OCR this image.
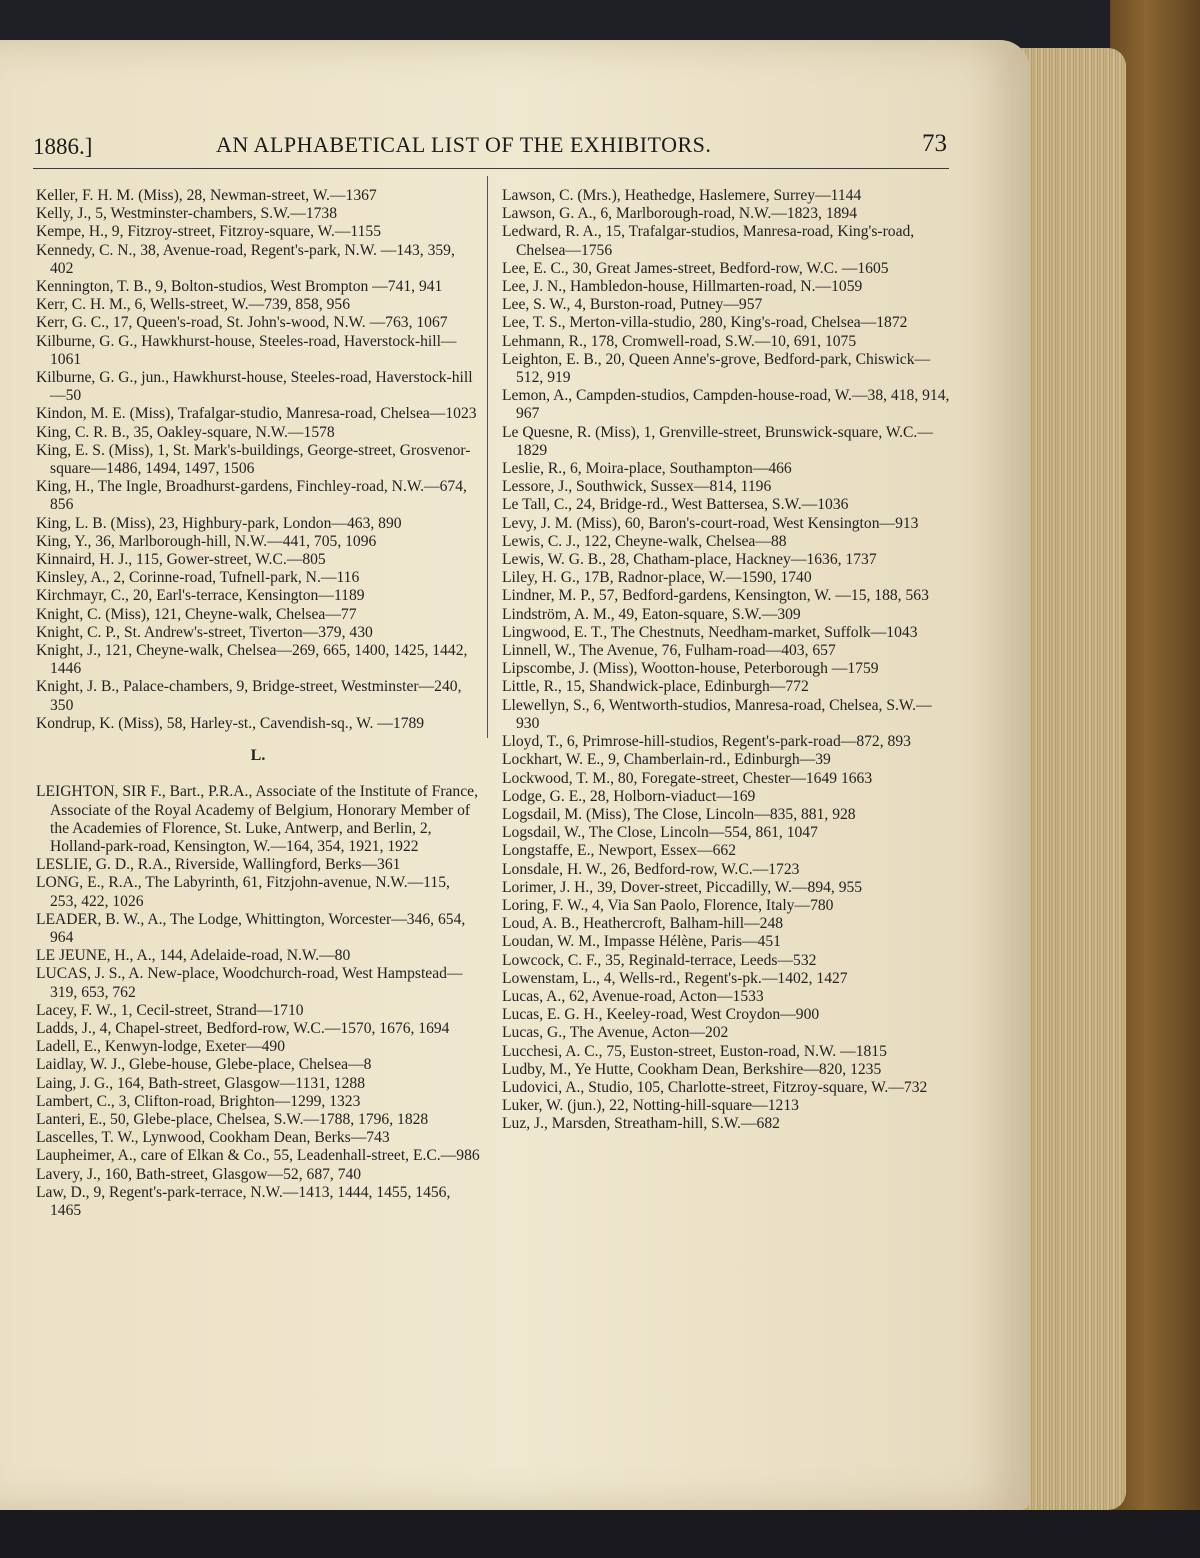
1886.]	AN ALPHABETICAL LIST OF THE EXHIBITORS.	73
Keller, F. H. M. (Miss), 28, Newman-street, W.—1367
Kelly, J., 5, Westminster-chambers, S.W.—1738
Kempe, H., 9, Fitzroy-street, Fitzroy-square, W.—1155
Kennedy, C. N., 38, Avenue-road, Regent's-park, N.W. —143, 359, 402
Kennington, T. B., 9, Bolton-studios, West Brompton —741, 941
Kerr, C. H. M., 6, Wells-street, W.—739, 858, 956
Kerr, G. C., 17, Queen's-road, St. John's-wood, N.W. —763, 1067
Kilburne, G. G., Hawkhurst-house, Steeles-road, Haverstock-hill—1061
Kilburne, G. G., jun., Hawkhurst-house, Steeles-road, Haverstock-hill—50
Kindon, M. E. (Miss), Trafalgar-studio, Manresa-road, Chelsea—1023
King, C. R. B., 35, Oakley-square, N.W.—1578
King, E. S. (Miss), 1, St. Mark's-buildings, George-street, Grosvenor-square—1486, 1494, 1497, 1506
King, H., The Ingle, Broadhurst-gardens, Finchley-road, N.W.—674, 856
King, L. B. (Miss), 23, Highbury-park, London—463, 890
King, Y., 36, Marlborough-hill, N.W.—441, 705, 1096
Kinnaird, H. J., 115, Gower-street, W.C.—805
Kinsley, A., 2, Corinne-road, Tufnell-park, N.—116
Kirchmayr, C., 20, Earl's-terrace, Kensington—1189
Knight, C. (Miss), 121, Cheyne-walk, Chelsea—77
Knight, C. P., St. Andrew's-street, Tiverton—379, 430
Knight, J., 121, Cheyne-walk, Chelsea—269, 665, 1400, 1425, 1442, 1446
Knight, J. B., Palace-chambers, 9, Bridge-street, Westminster—240, 350
Kondrup, K. (Miss), 58, Harley-st., Cavendish-sq., W. —1789
L.
LEIGHTON, SIR F., Bart., P.R.A., Associate of the Institute of France, Associate of the Royal Academy of Belgium, Honorary Member of the Academies of Florence, St. Luke, Antwerp, and Berlin, 2, Holland-park-road, Kensington, W.—164, 354, 1921, 1922
LESLIE, G. D., R.A., Riverside, Wallingford, Berks—361
LONG, E., R.A., The Labyrinth, 61, Fitzjohn-avenue, N.W.—115, 253, 422, 1026
LEADER, B. W., A., The Lodge, Whittington, Worcester—346, 654, 964
LE JEUNE, H., A., 144, Adelaide-road, N.W.—80
LUCAS, J. S., A. New-place, Woodchurch-road, West Hampstead—319, 653, 762
Lacey, F. W., 1, Cecil-street, Strand—1710
Ladds, J., 4, Chapel-street, Bedford-row, W.C.—1570, 1676, 1694
Ladell, E., Kenwyn-lodge, Exeter—490
Laidlay, W. J., Glebe-house, Glebe-place, Chelsea—8
Laing, J. G., 164, Bath-street, Glasgow—1131, 1288
Lambert, C., 3, Clifton-road, Brighton—1299, 1323
Lanteri, E., 50, Glebe-place, Chelsea, S.W.—1788, 1796, 1828
Lascelles, T. W., Lynwood, Cookham Dean, Berks—743
Laupheimer, A., care of Elkan & Co., 55, Leadenhall-street, E.C.—986
Lavery, J., 160, Bath-street, Glasgow—52, 687, 740
Law, D., 9, Regent's-park-terrace, N.W.—1413, 1444, 1455, 1456, 1465
Lawson, C. (Mrs.), Heathedge, Haslemere, Surrey—1144
Lawson, G. A., 6, Marlborough-road, N.W.—1823, 1894
Ledward, R. A., 15, Trafalgar-studios, Manresa-road, King's-road, Chelsea—1756
Lee, E. C., 30, Great James-street, Bedford-row, W.C. —1605
Lee, J. N., Hambledon-house, Hillmarten-road, N.—1059
Lee, S. W., 4, Burston-road, Putney—957
Lee, T. S., Merton-villa-studio, 280, King's-road, Chelsea—1872
Lehmann, R., 178, Cromwell-road, S.W.—10, 691, 1075
Leighton, E. B., 20, Queen Anne's-grove, Bedford-park, Chiswick—512, 919
Lemon, A., Campden-studios, Campden-house-road, W.—38, 418, 914, 967
Le Quesne, R. (Miss), 1, Grenville-street, Brunswick-square, W.C.—1829
Leslie, R., 6, Moira-place, Southampton—466
Lessore, J., Southwick, Sussex—814, 1196
Le Tall, C., 24, Bridge-rd., West Battersea, S.W.—1036
Levy, J. M. (Miss), 60, Baron's-court-road, West Kensington—913
Lewis, C. J., 122, Cheyne-walk, Chelsea—88
Lewis, W. G. B., 28, Chatham-place, Hackney—1636, 1737
Liley, H. G., 17B, Radnor-place, W.—1590, 1740
Lindner, M. P., 57, Bedford-gardens, Kensington, W. —15, 188, 563
Lindström, A. M., 49, Eaton-square, S.W.—309
Lingwood, E. T., The Chestnuts, Needham-market, Suffolk—1043
Linnell, W., The Avenue, 76, Fulham-road—403, 657
Lipscombe, J. (Miss), Wootton-house, Peterborough —1759
Little, R., 15, Shandwick-place, Edinburgh—772
Llewellyn, S., 6, Wentworth-studios, Manresa-road, Chelsea, S.W.—930
Lloyd, T., 6, Primrose-hill-studios, Regent's-park-road—872, 893
Lockhart, W. E., 9, Chamberlain-rd., Edinburgh—39
Lockwood, T. M., 80, Foregate-street, Chester—1649 1663
Lodge, G. E., 28, Holborn-viaduct—169
Logsdail, M. (Miss), The Close, Lincoln—835, 881, 928
Logsdail, W., The Close, Lincoln—554, 861, 1047
Longstaffe, E., Newport, Essex—662
Lonsdale, H. W., 26, Bedford-row, W.C.—1723
Lorimer, J. H., 39, Dover-street, Piccadilly, W.—894, 955
Loring, F. W., 4, Via San Paolo, Florence, Italy—780
Loud, A. B., Heathercroft, Balham-hill—248
Loudan, W. M., Impasse Hélène, Paris—451
Lowcock, C. F., 35, Reginald-terrace, Leeds—532
Lowenstam, L., 4, Wells-rd., Regent's-pk.—1402, 1427
Lucas, A., 62, Avenue-road, Acton—1533
Lucas, E. G. H., Keeley-road, West Croydon—900
Lucas, G., The Avenue, Acton—202
Lucchesi, A. C., 75, Euston-street, Euston-road, N.W. —1815
Ludby, M., Ye Hutte, Cookham Dean, Berkshire—820, 1235
Ludovici, A., Studio, 105, Charlotte-street, Fitzroy-square, W.—732
Luker, W. (jun.), 22, Notting-hill-square—1213
Luz, J., Marsden, Streatham-hill, S.W.—682
